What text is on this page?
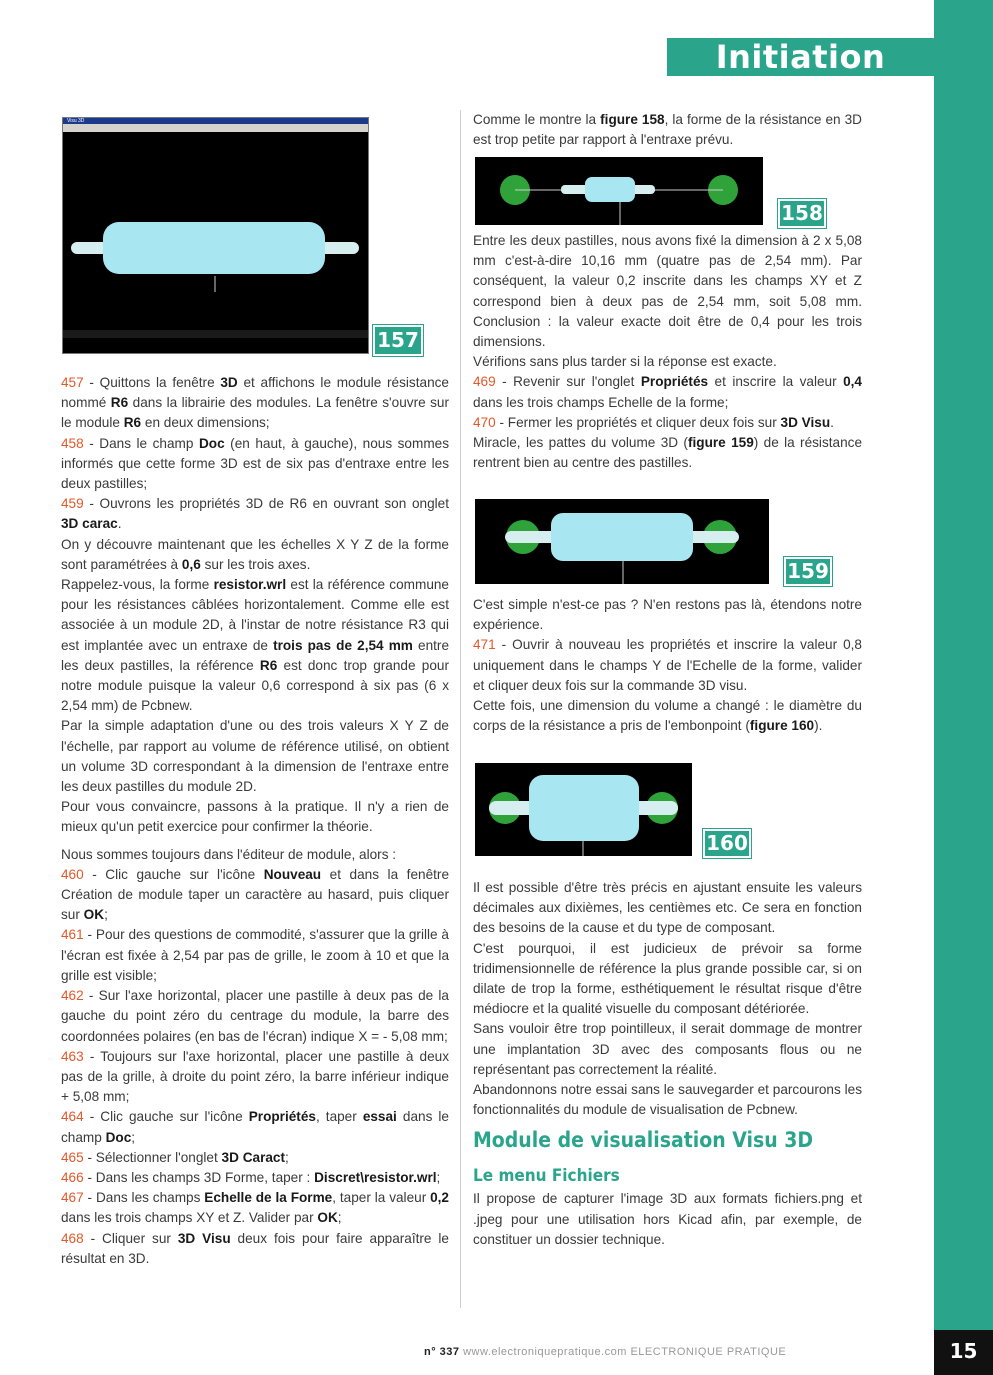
Initiation
Visu 3D
157

457 - Quittons la fenêtre 3D et affichons le module résistance nommé R6 dans la librairie des modules. La fenêtre s'ouvre sur le module R6 en deux dimensions;

458 - Dans le champ Doc (en haut, à gauche), nous sommes informés que cette forme 3D est de six pas d'entraxe entre les deux pastilles;

459 - Ouvrons les propriétés 3D de R6 en ouvrant son onglet 3D carac.

On y découvre maintenant que les échelles X Y Z de la forme sont paramétrées à 0,6 sur les trois axes.

Rappelez-vous, la forme resistor.wrl est la référence commune pour les résistances câblées horizontalement. Comme elle est associée à un module 2D, à l'instar de notre résistance R3 qui est implantée avec un entraxe de trois pas de 2,54 mm entre les deux pastilles, la référence R6 est donc trop grande pour notre module puisque la valeur 0,6 correspond à six pas (6 x 2,54 mm) de Pcbnew.

Par la simple adaptation d'une ou des trois valeurs X Y Z de l'échelle, par rapport au volume de référence utilisé, on obtient un volume 3D correspondant à la dimension de l'entraxe entre les deux pastilles du module 2D.

Pour vous convaincre, passons à la pratique. Il n'y a rien de mieux qu'un petit exercice pour confirmer la théorie.

Nous sommes toujours dans l'éditeur de module, alors :

460 - Clic gauche sur l'icône Nouveau et dans la fenêtre Création de module taper un caractère au hasard, puis cliquer sur OK;

461 - Pour des questions de commodité, s'assurer que la grille à l'écran est fixée à 2,54 par pas de grille, le zoom à 10 et que la grille est visible;

462 - Sur l'axe horizontal, placer une pastille à deux pas de la gauche du point zéro du centrage du module, la barre des coordonnées polaires (en bas de l'écran) indique X = - 5,08 mm;

463 - Toujours sur l'axe horizontal, placer une pastille à deux pas de la grille, à droite du point zéro, la barre inférieur indique + 5,08 mm;

464 - Clic gauche sur l'icône Propriétés, taper essai dans le champ Doc;

465 - Sélectionner l'onglet 3D Caract;

466 - Dans les champs 3D Forme, taper : Discret\resistor.wrl;

467 - Dans les champs Echelle de la Forme, taper la valeur 0,2 dans les trois champs XY et Z. Valider par OK;

468 - Cliquer sur 3D Visu deux fois pour faire apparaître le résultat en 3D.

Comme le montre la figure 158, la forme de la résistance en 3D est trop petite par rapport à l'entraxe prévu.

158

Entre les deux pastilles, nous avons fixé la dimension à 2 x 5,08 mm c'est-à-dire 10,16 mm (quatre pas de 2,54 mm). Par conséquent, la valeur 0,2 inscrite dans les champs XY et Z correspond bien à deux pas de 2,54 mm, soit 5,08 mm. Conclusion : la valeur exacte doit être de 0,4 pour les trois dimensions.

Vérifions sans plus tarder si la réponse est exacte.

469 - Revenir sur l'onglet Propriétés et inscrire la valeur 0,4 dans les trois champs Echelle de la forme;

470 - Fermer les propriétés et cliquer deux fois sur 3D Visu.

Miracle, les pattes du volume 3D (figure 159) de la résistance rentrent bien au centre des pastilles.

159

C'est simple n'est-ce pas ? N'en restons pas là, étendons notre expérience.

471 - Ouvrir à nouveau les propriétés et inscrire la valeur 0,8 uniquement dans le champs Y de l'Echelle de la forme, valider et cliquer deux fois sur la commande 3D visu.

Cette fois, une dimension du volume a changé : le diamètre du corps de la résistance a pris de l'embonpoint (figure 160).

160

Il est possible d'être très précis en ajustant ensuite les valeurs décimales aux dixièmes, les centièmes etc. Ce sera en fonction des besoins de la cause et du type de composant.

C'est pourquoi, il est judicieux de prévoir sa forme tridimensionnelle de référence la plus grande possible car, si on dilate de trop la forme, esthétiquement le résultat risque d'être médiocre et la qualité visuelle du composant détériorée.

Sans vouloir être trop pointilleux, il serait dommage de montrer une implantation 3D avec des composants flous ou ne représentant pas correctement la réalité.

Abandonnons notre essai sans le sauvegarder et parcourons les fonctionnalités du module de visualisation de Pcbnew.

Module de visualisation Visu 3D

Le menu Fichiers

Il propose de capturer l'image 3D aux formats fichiers.png et .jpeg pour une utilisation hors Kicad afin, par exemple, de constituer un dossier technique.

n° 337 www.electroniquepratique.com ELECTRONIQUE PRATIQUE	15
